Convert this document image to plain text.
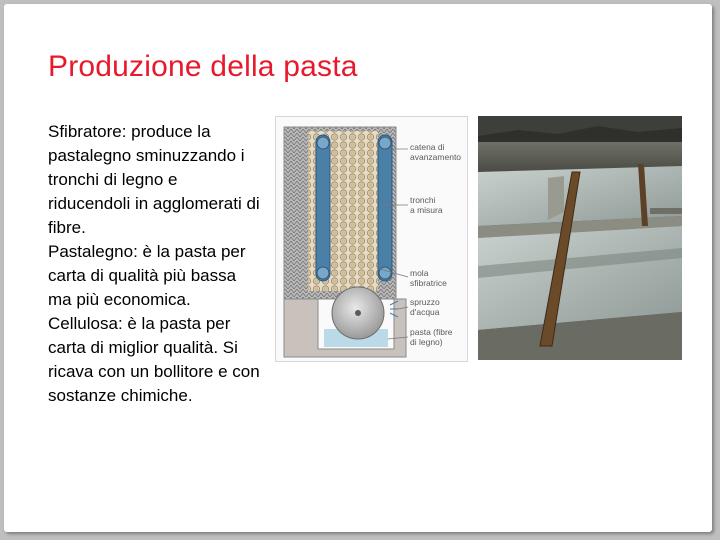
Produzione della pasta

Sfibratore: produce la pastalegno sminuzzando i tronchi di legno e riducendoli in agglomerati di fibre.

Pastalegno: è la pasta per carta di qualità più bassa ma più economica.

Cellulosa: è la pasta per carta di miglior qualità. Si ricava con un bollitore e con sostanze chimiche.

catena di
avanzamento
tronchi
a misura
mola
sfibratrice
spruzzo
d'acqua
pasta (fibre
di legno)
